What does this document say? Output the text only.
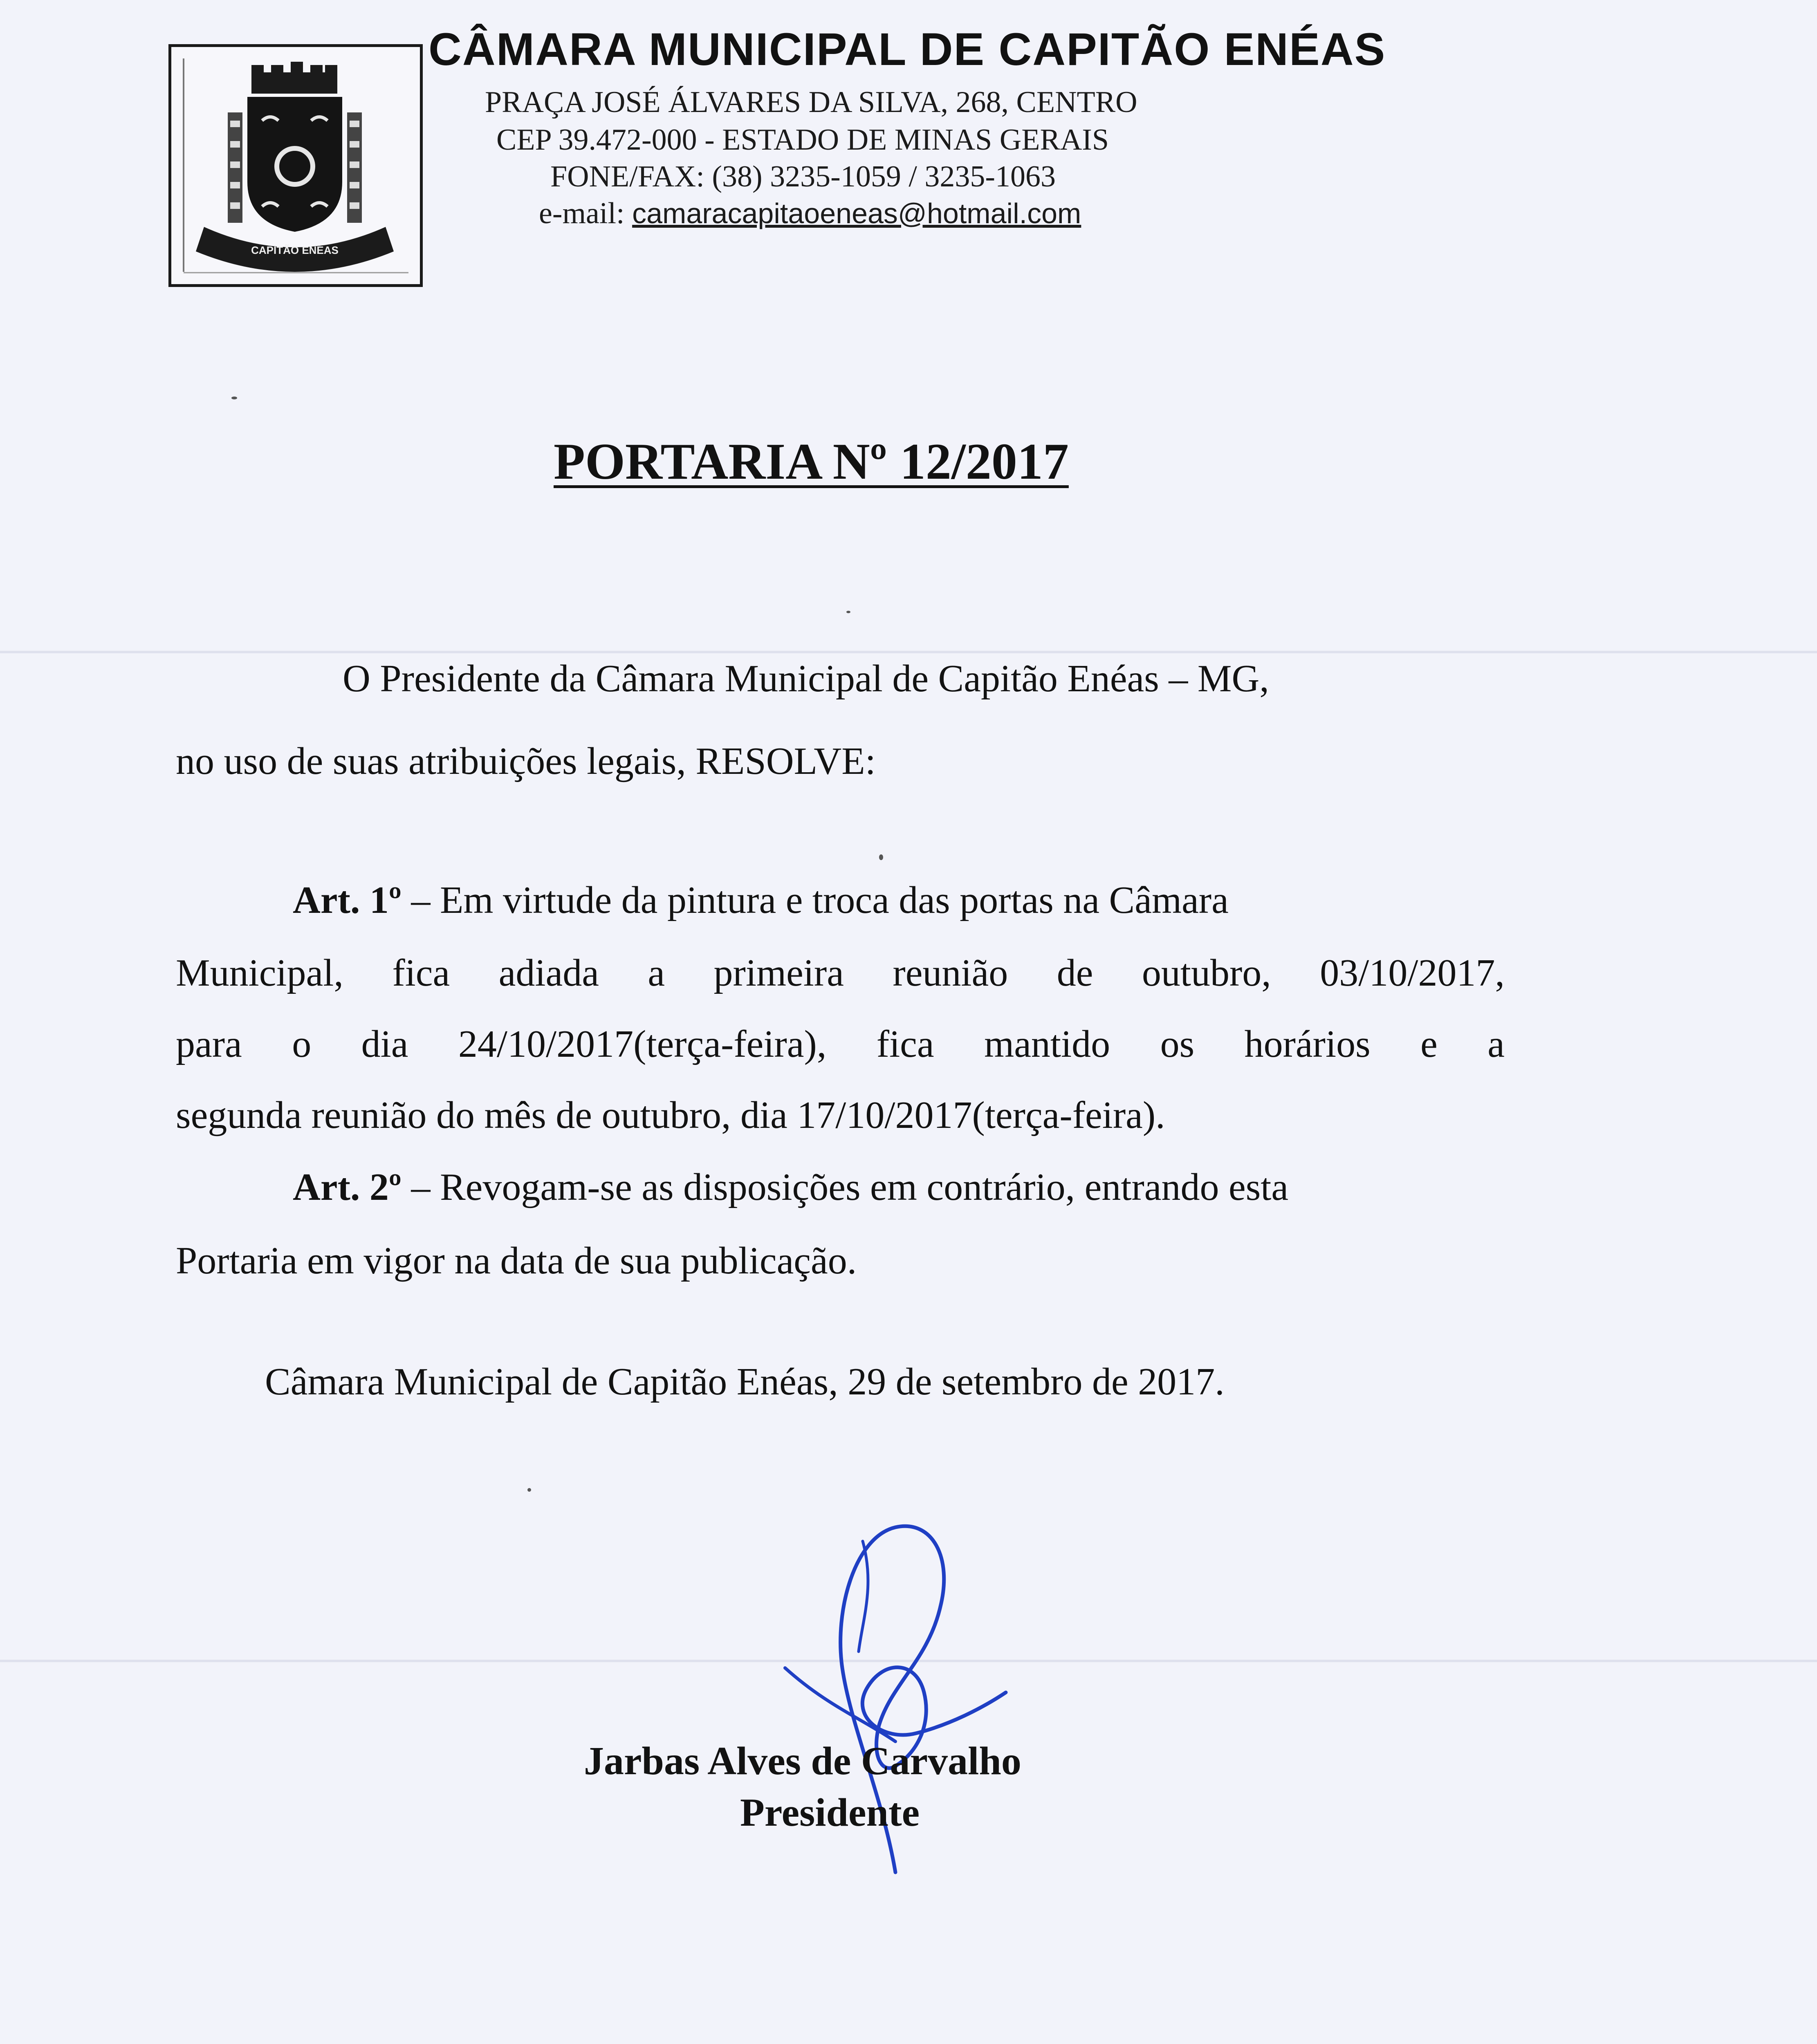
CAPITÃO ENÉAS
CÂMARA MUNICIPAL DE CAPITÃO ENÉAS
PRAÇA JOSÉ ÁLVARES DA SILVA, 268, CENTRO
CEP 39.472-000 - ESTADO DE MINAS GERAIS
FONE/FAX: (38) 3235-1059 / 3235-1063
e-mail: camaracapitaoeneas@hotmail.com
PORTARIA Nº 12/2017
O Presidente da Câmara Municipal de Capitão Enéas – MG,
no uso de suas atribuições legais, RESOLVE:
Art. 1º – Em virtude da pintura e troca das portas na Câmara
Municipal, fica adiada a primeira reunião de outubro, 03/10/2017,
para o dia 24/10/2017(terça-feira), fica mantido os horários e a
segunda reunião do mês de outubro, dia 17/10/2017(terça-feira).
Art. 2º – Revogam-se as disposições em contrário, entrando esta
Portaria em vigor na data de sua publicação.
Câmara Municipal de Capitão Enéas, 29 de setembro de 2017.
Jarbas Alves de Carvalho
Presidente
